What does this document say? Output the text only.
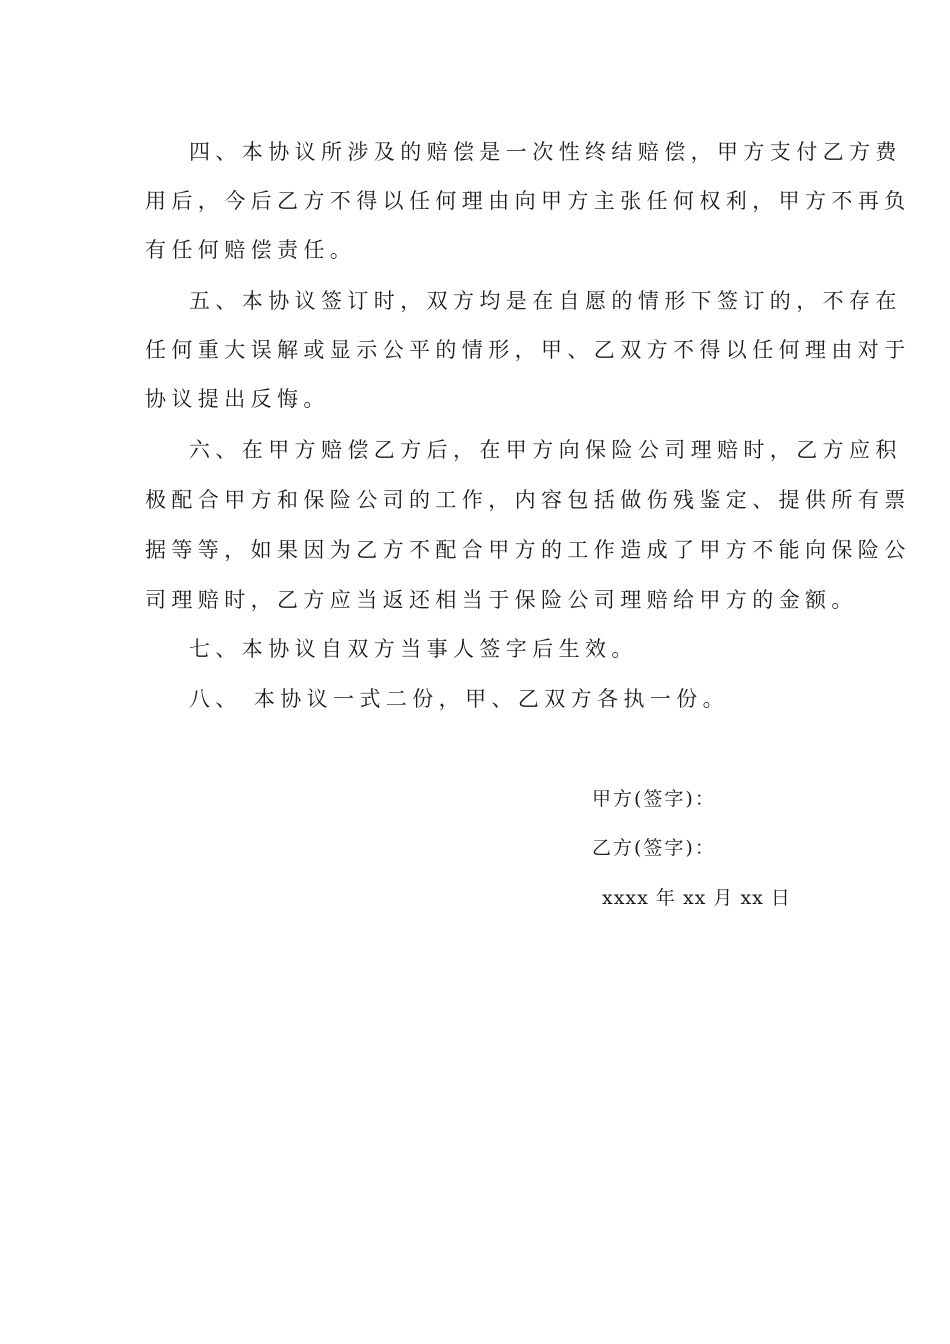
四、本协议所涉及的赔偿是一次性终结赔偿，甲方支付乙方费
用后，今后乙方不得以任何理由向甲方主张任何权利，甲方不再负
有任何赔偿责任。
五、本协议签订时，双方均是在自愿的情形下签订的，不存在
任何重大误解或显示公平的情形，甲、乙双方不得以任何理由对于
协议提出反悔。
六、在甲方赔偿乙方后，在甲方向保险公司理赔时，乙方应积
极配合甲方和保险公司的工作，内容包括做伤残鉴定、提供所有票
据等等，如果因为乙方不配合甲方的工作造成了甲方不能向保险公
司理赔时，乙方应当返还相当于保险公司理赔给甲方的金额。
七、本协议自双方当事人签字后生效。
八、 本协议一式二份，甲、乙双方各执一份。
甲方(签字)：
乙方(签字)：
xxxx 年 xx 月 xx 日
